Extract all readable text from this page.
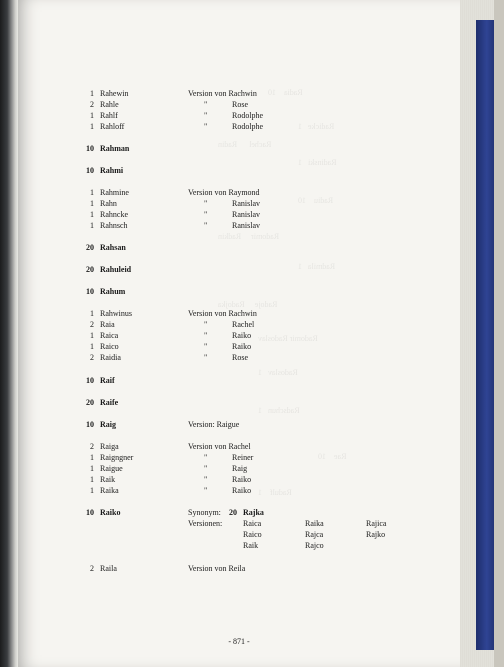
Radia    10
Radicke   1
Rachel      Radin
Radinski   1
Radiu    10
Radomir     Radkin
Radmila   1
Radoje     Radojka
Radomir Radoslav
Radoslav   1
Radschun   1
Rae    10
Radulf    1
1 Rahewin	Version von Rachwin
2 Rahle	"	Rose
1 Rahlf	"	Rodolphe
1 Rahloff	"	Rodolphe
10 Rahman
10 Rahmi
1 Rahmine	Version von Raymond
1 Rahn	"	Ranislav
1 Rahncke	"	Ranislav
1 Rahnsch	"	Ranislav
20 Rahsan
20 Rahuleid
10 Rahum
1 Rahwinus	Version von Rachwin
2 Raia	"	Rachel
1 Raica	"	Raiko
1 Raico	"	Raiko
2 Raidia	"	Rose
10 Raif
20 Raife
10 Raig	Version: Raigue
2 Raiga	Version von Rachel
1 Raigngner	"	Reiner
1 Raigue	"	Raig
1 Raik	"	Raiko
1 Raika	"	Raiko
10 Raiko	Synonym: 20 Rajka
Versionen:	Raica	Raika	Rajica
Raico	Rajca	Rajko
Raik	Rajco
2 Raila	Version von Reila
- 871 -
